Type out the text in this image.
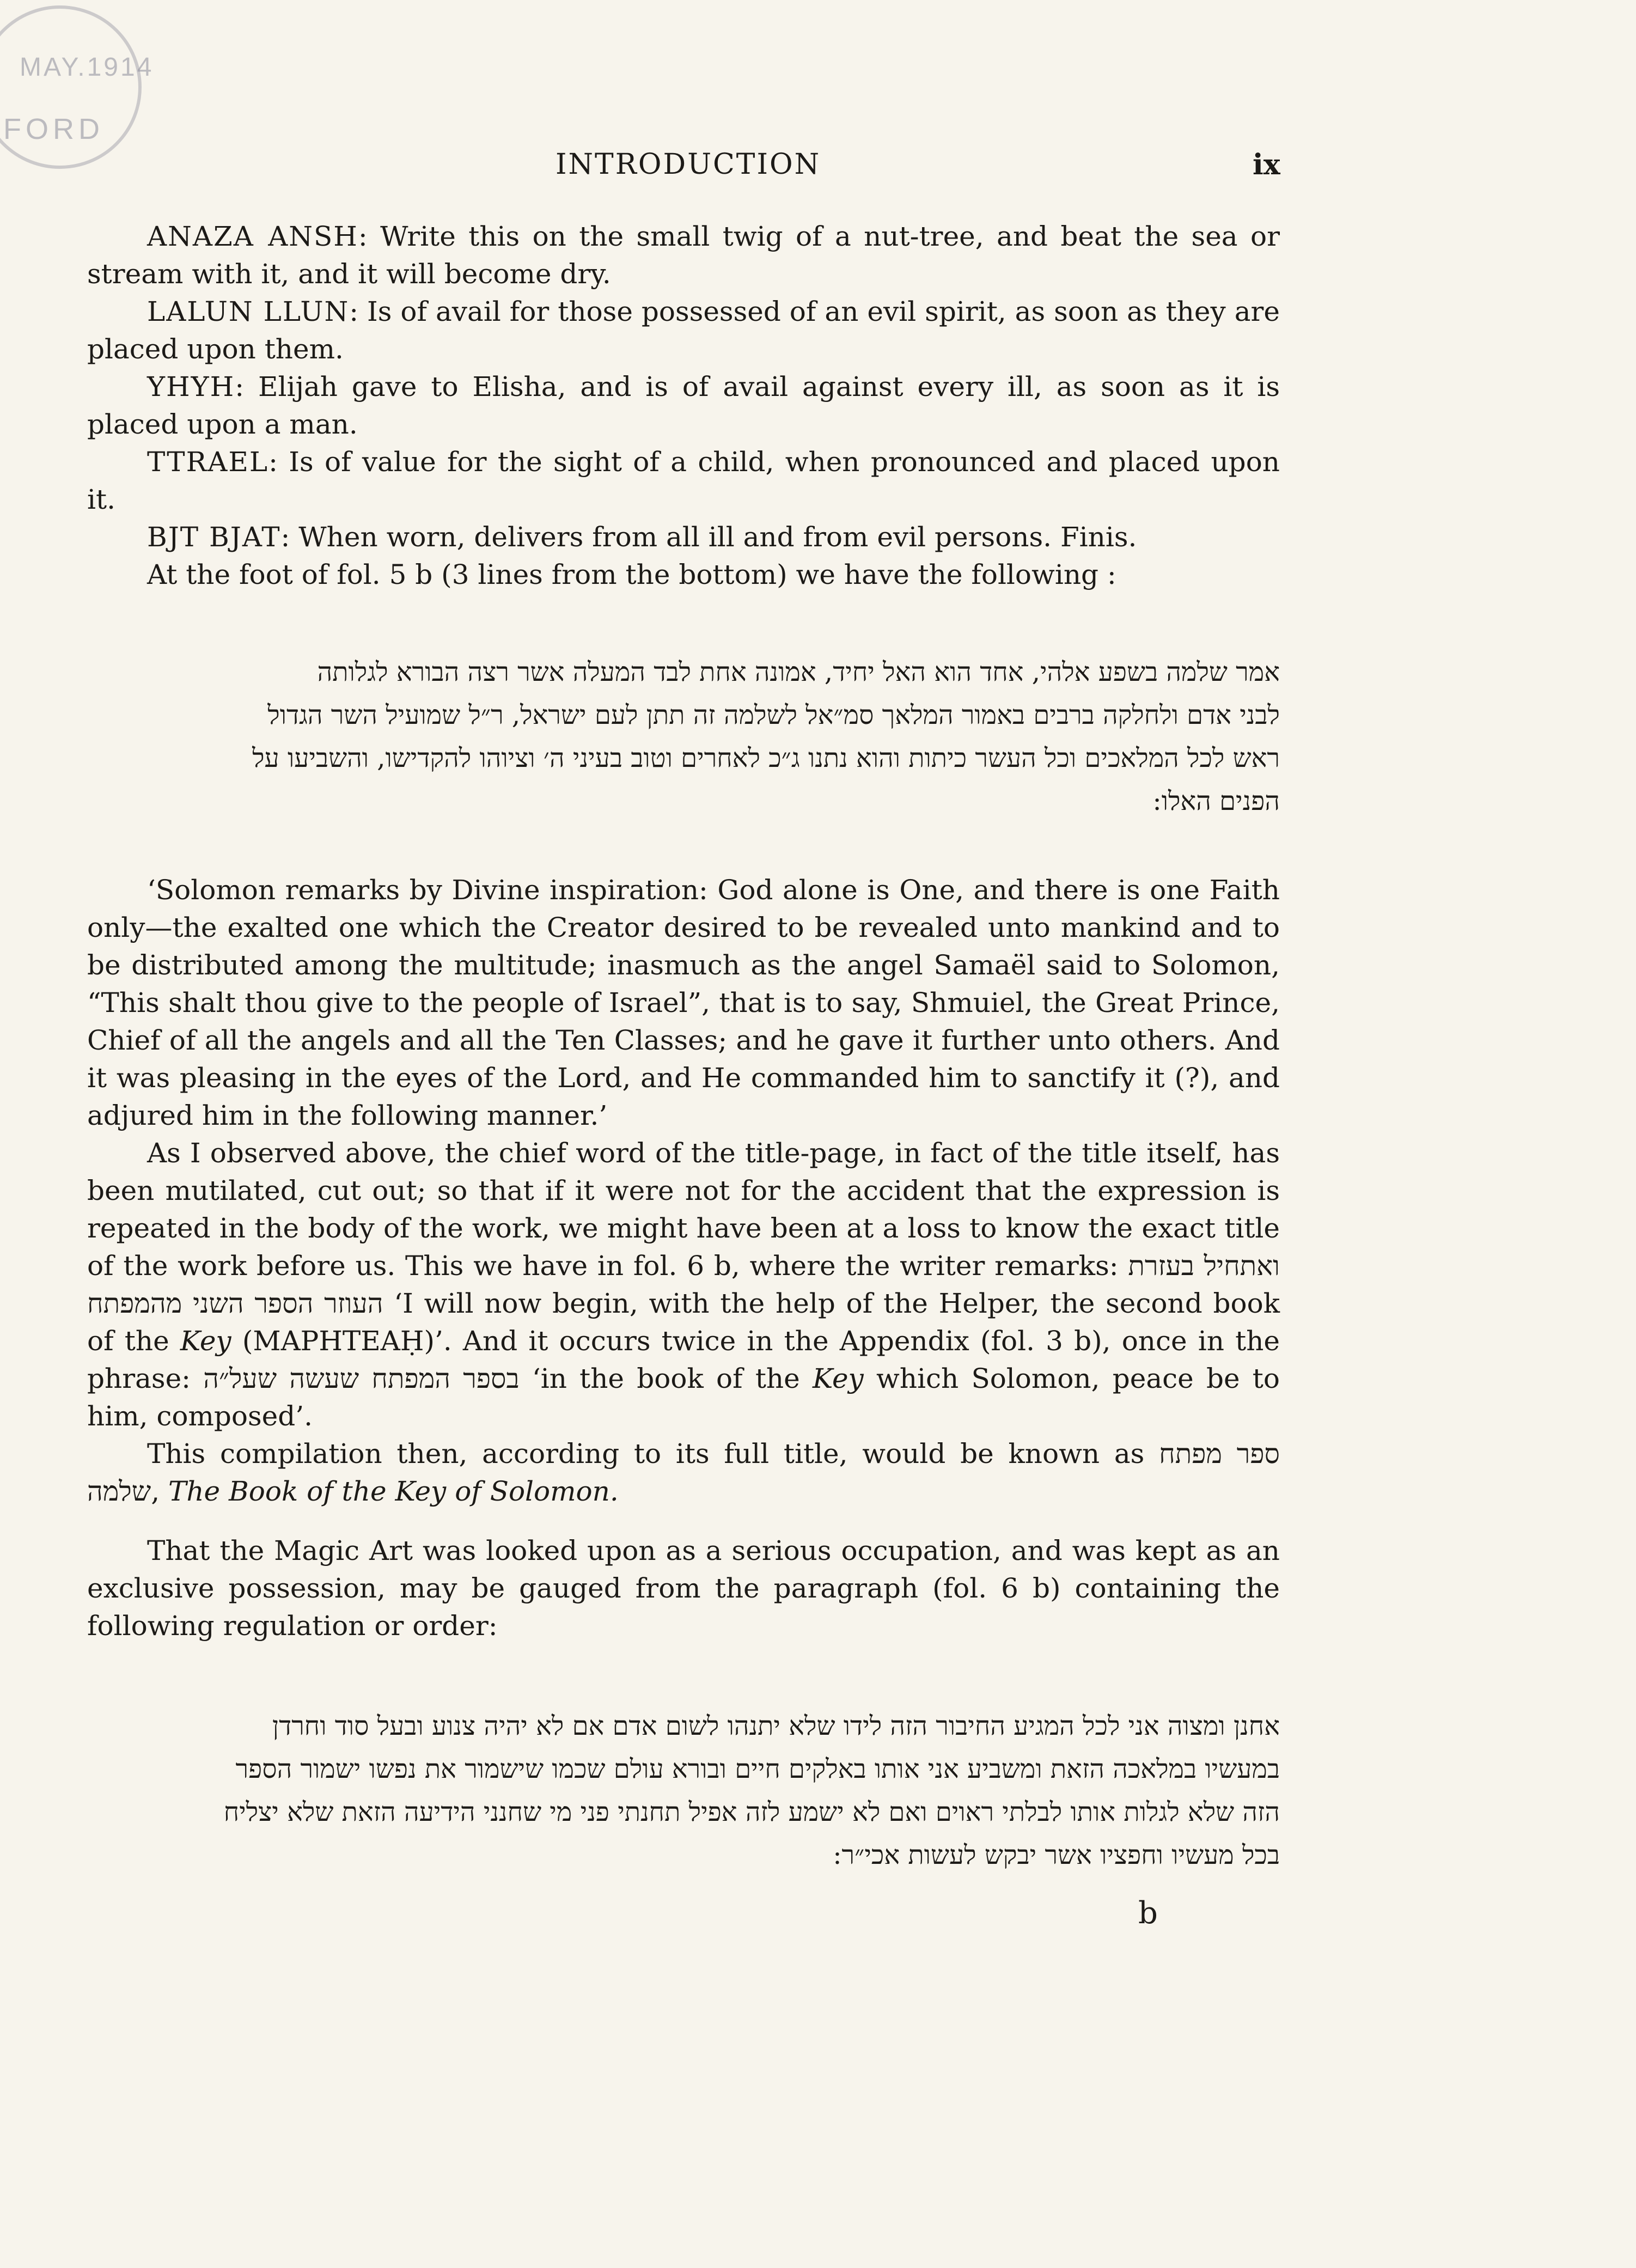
MAY.1914
FORD
INTRODUCTION	ix

ANAZA ANSH: Write this on the small twig of a nut-tree, and beat the sea or stream with it, and it will become dry.

LALUN LLUN: Is of avail for those possessed of an evil spirit, as soon as they are placed upon them.

YHYH: Elijah gave to Elisha, and is of avail against every ill, as soon as it is placed upon a man.

TTRAEL: Is of value for the sight of a child, when pronounced and placed upon it.

BJT BJAT: When worn, delivers from all ill and from evil persons. Finis.

At the foot of fol. 5 b (3 lines from the bottom) we have the following :

אמר שלמה בשפע אלהי, אחד הוא האל יחיד, אמונה אחת לבד המעלה אשר רצה הבורא לגלותה

לבני אדם ולחלקה ברבים באמור המלאך סמ״אל לשלמה זה תתן לעם ישראל, ר״ל שמועיל השר הגדול

ראש לכל המלאכים וכל העשר כיתות והוא נתנו ג״כ לאחרים וטוב בעיני ה׳ וציוהו להקדישו, והשביעו על

הפנים האלו:

‘Solomon remarks by Divine inspiration: God alone is One, and there is one Faith only—the exalted one which the Creator desired to be revealed unto mankind and to be distributed among the multitude; inasmuch as the angel Samaël said to Solomon, “This shalt thou give to the people of Israel”, that is to say, Shmuiel, the Great Prince, Chief of all the angels and all the Ten Classes; and he gave it further unto others. And it was pleasing in the eyes of the Lord, and He commanded him to sanctify it (?), and adjured him in the following manner.’

As I observed above, the chief word of the title-page, in fact of the title itself, has been mutilated, cut out; so that if it were not for the accident that the expression is repeated in the body of the work, we might have been at a loss to know the exact title of the work before us. This we have in fol. 6 b, where the writer remarks: ואתחיל בעזרת העוזר הספר השני מהמפתח ‘I will now begin, with the help of the Helper, the second book of the Key (MAPHTEAḤ)’. And it occurs twice in the Appendix (fol. 3 b), once in the phrase: בספר המפתח שעשה שעל״ה ‘in the book of the Key which Solomon, peace be to him, composed’.

This compilation then, according to its full title, would be known as ספר מפתח שלמה, The Book of the Key of Solomon.

That the Magic Art was looked upon as a serious occupation, and was kept as an exclusive possession, may be gauged from the paragraph (fol. 6 b) containing the following regulation or order:

אחנן ומצוה אני לכל המגיע החיבור הזה לידו שלא יתנהו לשום אדם אם לא יהיה צנוע ובעל סוד וחרדן

במעשיו במלאכה הזאת ומשביע אני אותו באלקים חיים ובורא עולם שכמו שישמור את נפשו ישמור הספר

הזה שלא לגלות אותו לבלתי ראוים ואם לא ישמע לזה אפיל תחנתי פני מי שחנני הידיעה הזאת שלא יצליח

בכל מעשיו וחפציו אשר יבקש לעשות אכי״ר:

b
